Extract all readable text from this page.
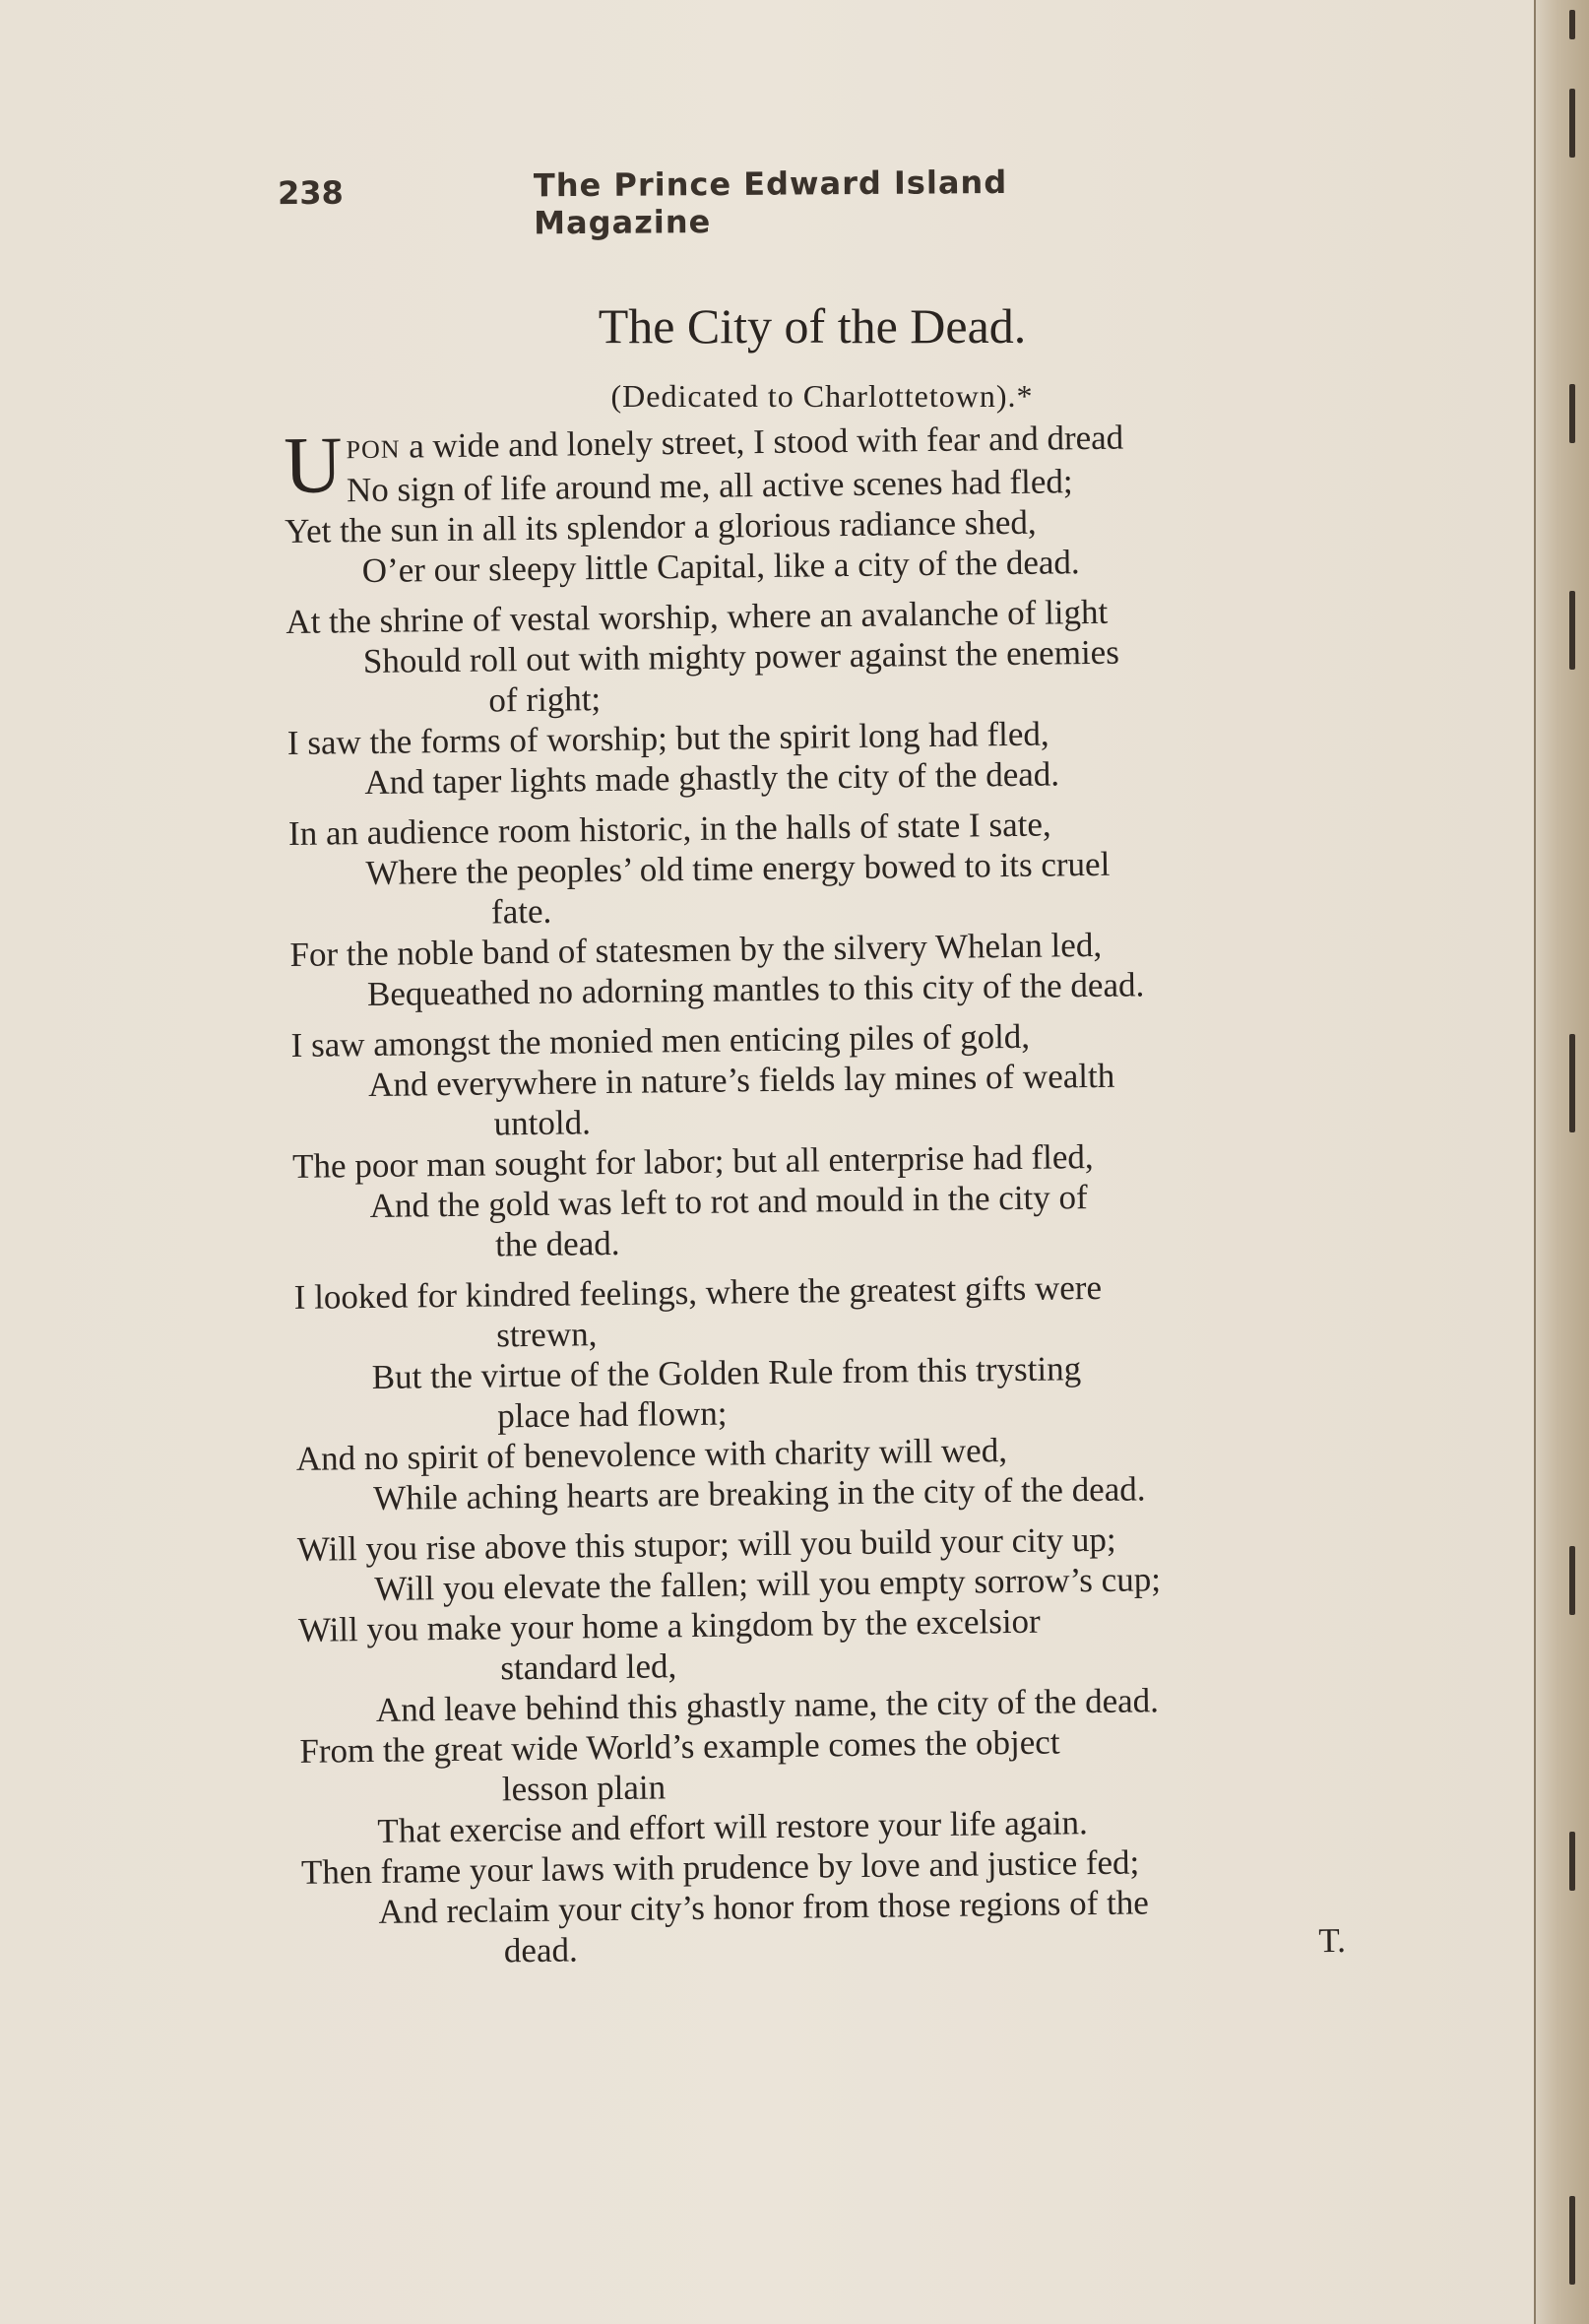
238	The Prince Edward Island Magazine
The City of the Dead.
(Dedicated to Charlottetown).*
UPON a wide and lonely street, I stood with fear and dread
No sign of life around me, all active scenes had fled;
Yet the sun in all its splendor a glorious radiance shed,
O’er our sleepy little Capital, like a city of the dead.
At the shrine of vestal worship, where an avalanche of light
Should roll out with mighty power against the enemies
of right;
I saw the forms of worship; but the spirit long had fled,
And taper lights made ghastly the city of the dead.
In an audience room historic, in the halls of state I sate,
Where the peoples’ old time energy bowed to its cruel
fate.
For the noble band of statesmen by the silvery Whelan led,
Bequeathed no adorning mantles to this city of the dead.
I saw amongst the monied men enticing piles of gold,
And everywhere in nature’s fields lay mines of wealth
untold.
The poor man sought for labor; but all enterprise had fled,
And the gold was left to rot and mould in the city of
the dead.
I looked for kindred feelings, where the greatest gifts were
strewn,
But the virtue of the Golden Rule from this trysting
place had flown;
And no spirit of benevolence with charity will wed,
While aching hearts are breaking in the city of the dead.
Will you rise above this stupor; will you build your city up;
Will you elevate the fallen; will you empty sorrow’s cup;
Will you make your home a kingdom by the excelsior
standard led,
And leave behind this ghastly name, the city of the dead.
From the great wide World’s example comes the object
lesson plain
That exercise and effort will restore your life again.
Then frame your laws with prudence by love and justice fed;
And reclaim your city’s honor from those regions of the
dead.	T.
